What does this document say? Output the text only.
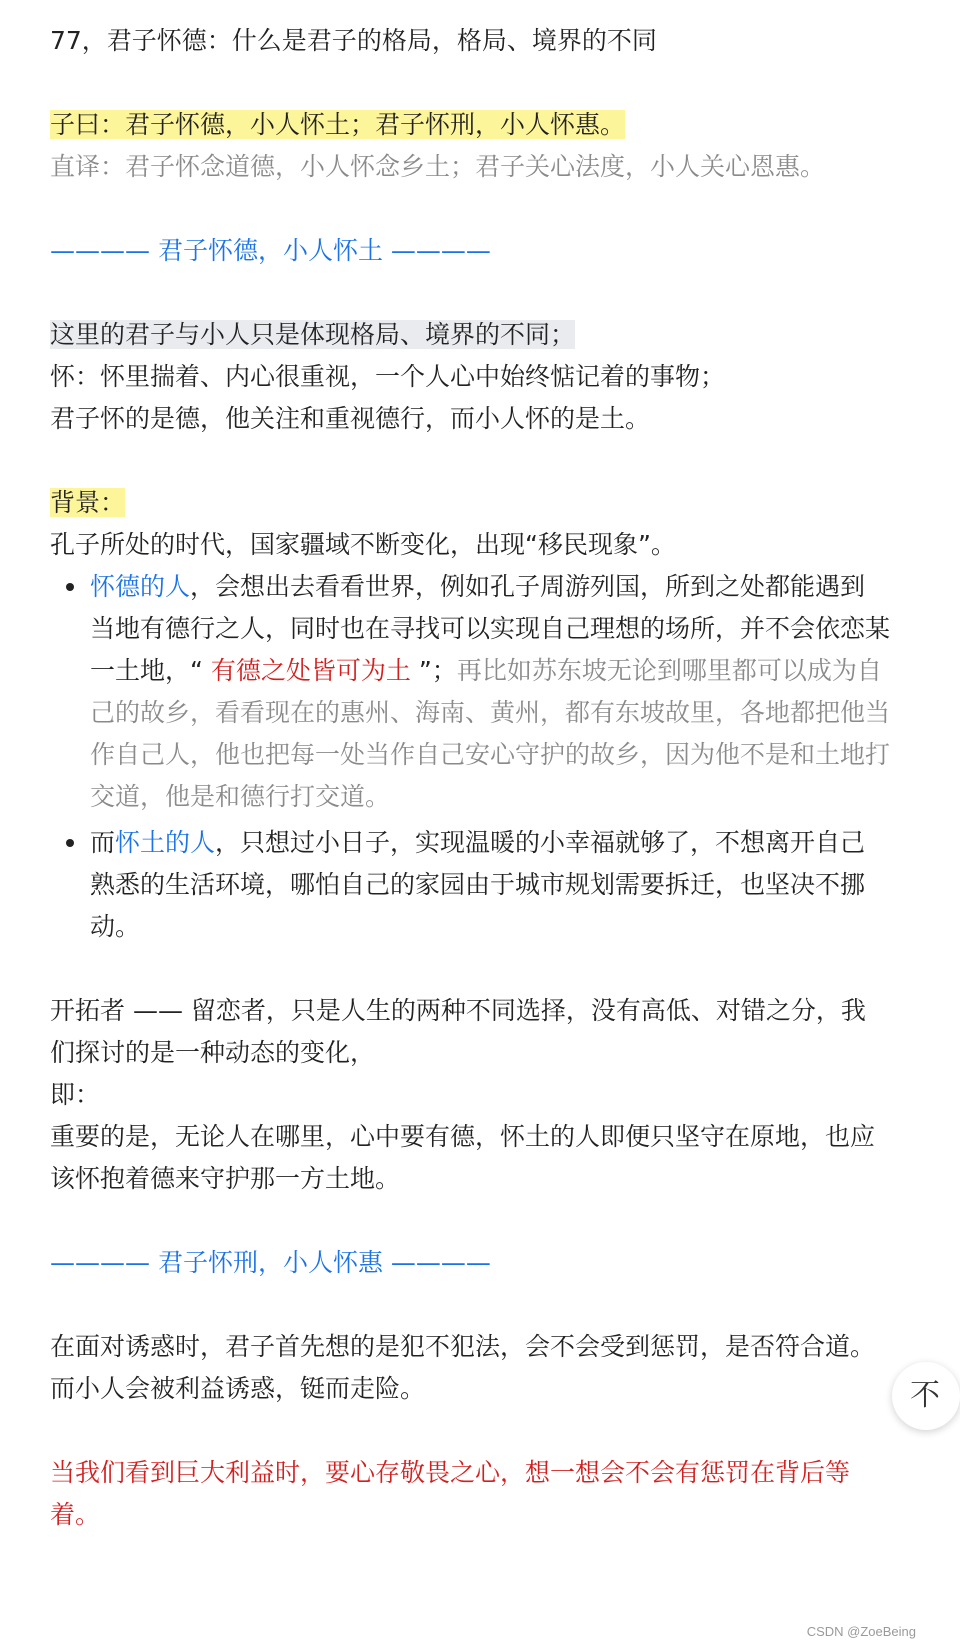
77，君子怀德：什么是君子的格局，格局、境界的不同

子曰：君子怀德，小人怀土；君子怀刑，小人怀惠。

直译：君子怀念道德，小人怀念乡土；君子关心法度，小人关心恩惠。

———— 君子怀德，小人怀土 ————

这里的君子与小人只是体现格局、境界的不同；

怀：怀里揣着、内心很重视，一个人心中始终惦记着的事物；

君子怀的是德，他关注和重视德行，而小人怀的是土。

背景：

孔子所处的时代，国家疆域不断变化，出现“移民现象”。

怀德的人，会想出去看看世界，例如孔子周游列国，所到之处都能遇到当地有德行之人，同时也在寻找可以实现自己理想的场所，并不会依恋某一土地，“ 有德之处皆可为土 ”；再比如苏东坡无论到哪里都可以成为自己的故乡，看看现在的惠州、海南、黄州，都有东坡故里，各地都把他当作自己人，他也把每一处当作自己安心守护的故乡，因为他不是和土地打交道，他是和德行打交道。
而怀土的人，只想过小日子，实现温暖的小幸福就够了，不想离开自己熟悉的生活环境，哪怕自己的家园由于城市规划需要拆迁，也坚决不挪动。

开拓者 —— 留恋者，只是人生的两种不同选择，没有高低、对错之分，我们探讨的是一种动态的变化，

即：

重要的是，无论人在哪里，心中要有德，怀土的人即便只坚守在原地，也应该怀抱着德来守护那一方土地。

———— 君子怀刑，小人怀惠 ————

在面对诱惑时，君子首先想的是犯不犯法，会不会受到惩罚，是否符合道。而小人会被利益诱惑，铤而走险。

当我们看到巨大利益时，要心存敬畏之心，想一想会不会有惩罚在背后等着。

不
CSDN @ZoeBeing
